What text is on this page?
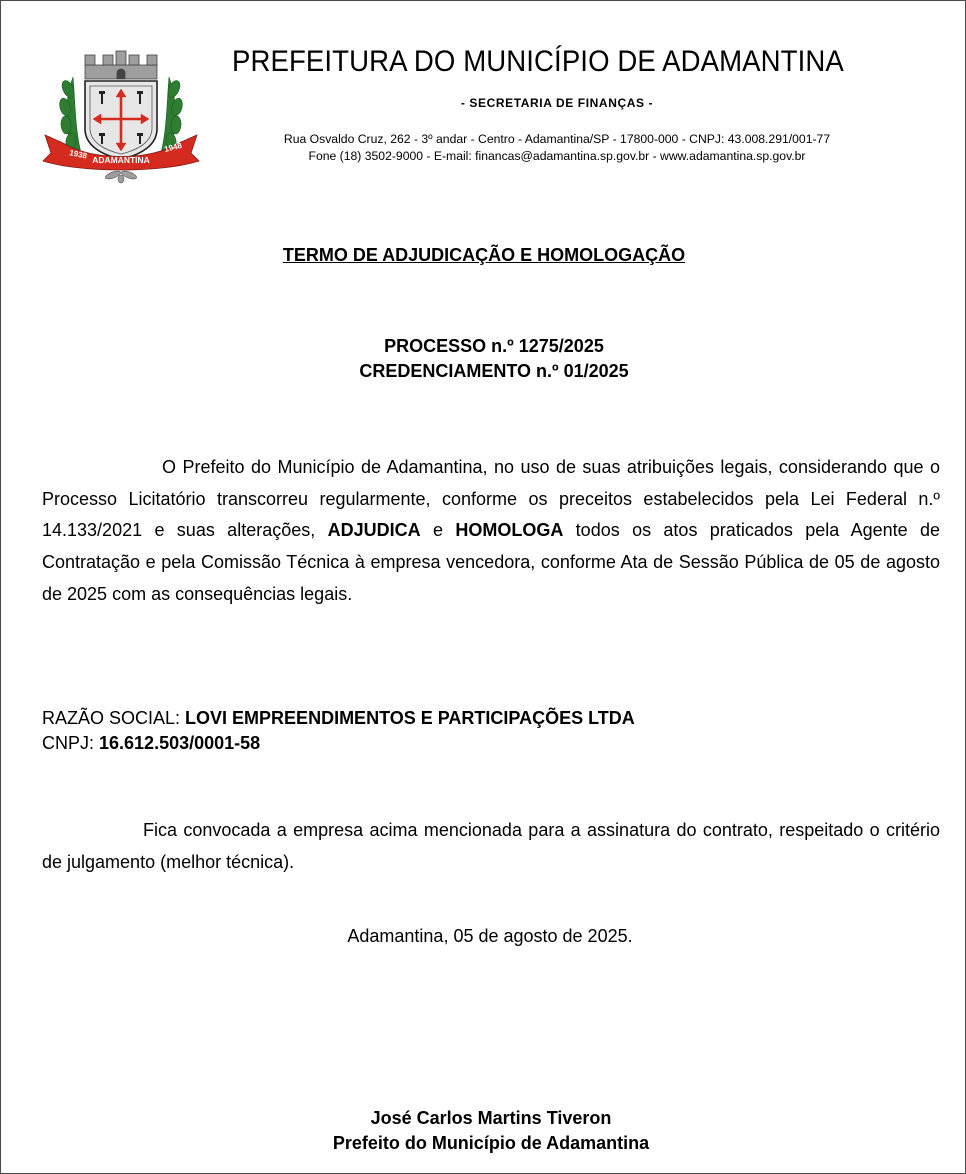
1938 ADAMANTINA
1948
PREFEITURA DO MUNICÍPIO DE ADAMANTINA
- SECRETARIA DE FINANÇAS -
Rua Osvaldo Cruz, 262 - 3º andar - Centro - Adamantina/SP - 17800-000 - CNPJ: 43.008.291/001-77
Fone (18) 3502-9000 - E-mail: financas@adamantina.sp.gov.br - www.adamantina.sp.gov.br
TERMO DE ADJUDICAÇÃO E HOMOLOGAÇÃO
PROCESSO n.º 1275/2025
CREDENCIAMENTO n.º 01/2025
O Prefeito do Município de Adamantina, no uso de suas atribuições legais, considerando que o Processo Licitatório transcorreu regularmente, conforme os preceitos estabelecidos pela Lei Federal n.º 14.133/2021 e suas alterações, ADJUDICA e HOMOLOGA todos os atos praticados pela Agente de Contratação e pela Comissão Técnica à empresa vencedora, conforme Ata de Sessão Pública de 05 de agosto de 2025 com as consequências legais.
RAZÃO SOCIAL: LOVI EMPREENDIMENTOS E PARTICIPAÇÕES LTDA
CNPJ: 16.612.503/0001-58
Fica convocada a empresa acima mencionada para a assinatura do contrato, respeitado o critério de julgamento (melhor técnica).
Adamantina, 05 de agosto de 2025.
José Carlos Martins Tiveron
Prefeito do Município de Adamantina
